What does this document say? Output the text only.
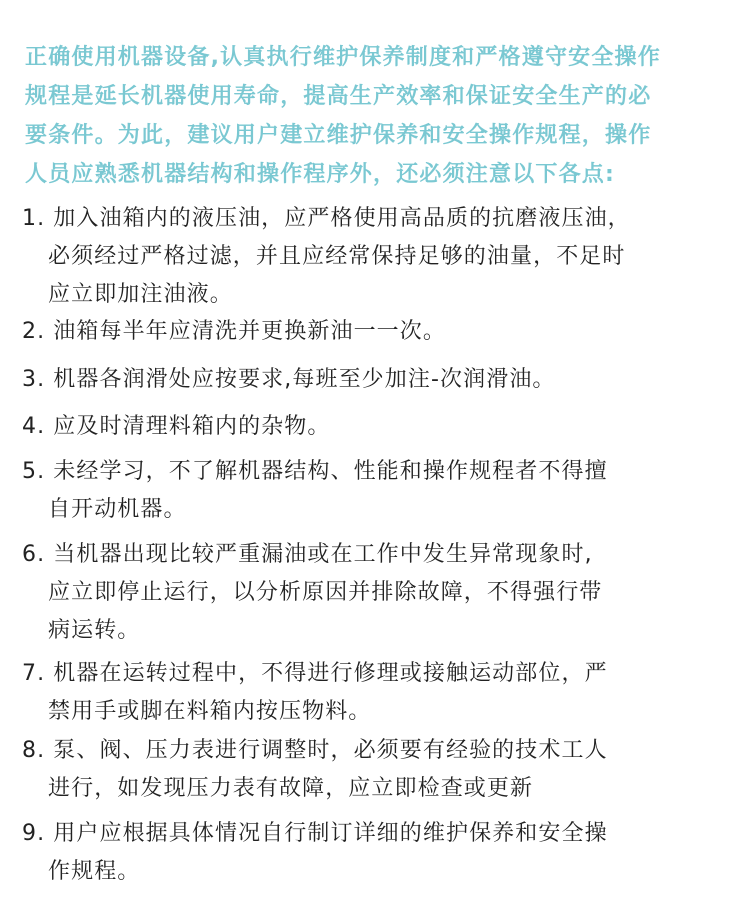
正确使用机器设备,认真执行维护保养制度和严格遵守安全操作
规程是延长机器使用寿命，提高生产效率和保证安全生产的必
要条件。为此，建议用户建立维护保养和安全操作规程，操作
人员应熟悉机器结构和操作程序外，还必须注意以下各点:
1. 加入油箱内的液压油，应严格使用高品质的抗磨液压油，
必须经过严格过滤，并且应经常保持足够的油量，不足时
应立即加注油液。
2. 油箱每半年应清洗并更换新油一一次。
3. 机器各润滑处应按要求,每班至少加注-次润滑油。
4. 应及时清理料箱内的杂物。
5. 未经学习，不了解机器结构、性能和操作规程者不得擅
自开动机器。
6. 当机器出现比较严重漏油或在工作中发生异常现象时,
应立即停止运行，以分析原因并排除故障，不得强行带
病运转。
7. 机器在运转过程中，不得进行修理或接触运动部位，严
禁用手或脚在料箱内按压物料。
8. 泵、阀、压力表进行调整时，必须要有经验的技术工人
进行，如发现压力表有故障，应立即检查或更新
9. 用户应根据具体情况自行制订详细的维护保养和安全操
作规程。
